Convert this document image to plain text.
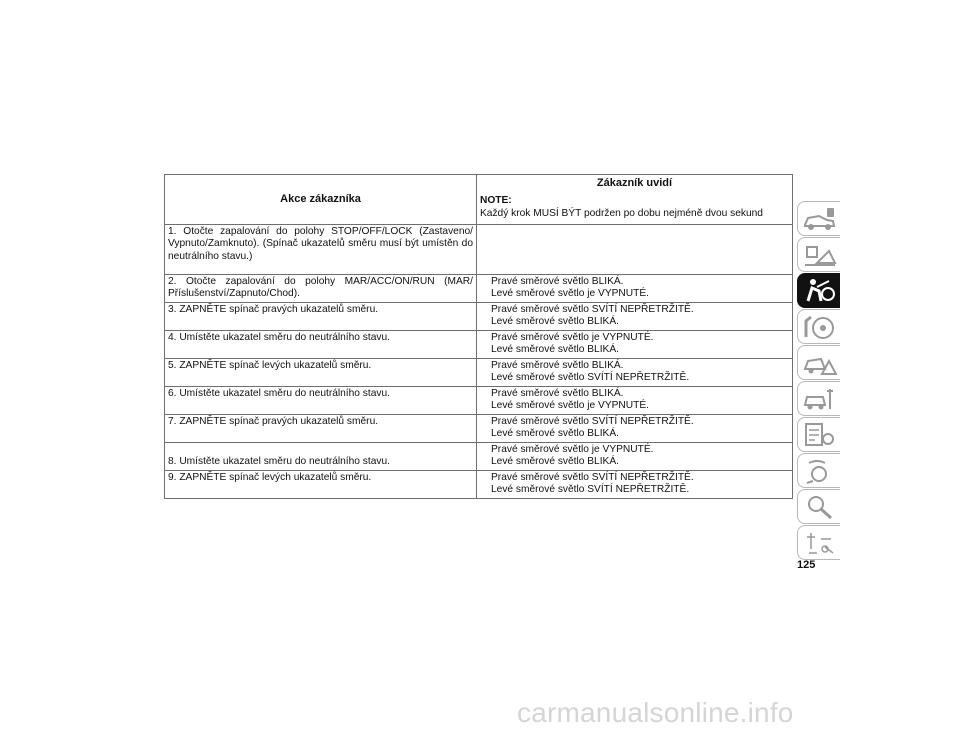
Akce zákazníka	Zákazník uvidí
NOTE:
Každý krok MUSÍ BÝT podržen po dobu nejméně dvou sekund

1. Otočte zapalování do polohy STOP/OFF/LOCK (Zastaveno/ Vypnuto/Zamknuto). (Spínač ukazatelů směru musí být umístěn do neutrálního stavu.)	
2. Otočte zapalování do polohy MAR/ACC/ON/RUN (MAR/ Příslušenství/Zapnuto/Chod).	Pravé směrové světlo BLIKÁ.
Levé směrové světlo je VYPNUTÉ.
3. ZAPNĚTE spínač pravých ukazatelů směru.	Pravé směrové světlo SVÍTÍ NEPŘETRŽITĚ.
Levé směrové světlo BLIKÁ.
4. Umístěte ukazatel směru do neutrálního stavu.	Pravé směrové světlo je VYPNUTÉ.
Levé směrové světlo BLIKÁ.
5. ZAPNĚTE spínač levých ukazatelů směru.	Pravé směrové světlo BLIKÁ.
Levé směrové světlo SVÍTÍ NEPŘETRŽITĚ.
6. Umístěte ukazatel směru do neutrálního stavu.	Pravé směrové světlo BLIKÁ.
Levé směrové světlo je VYPNUTÉ.
7. ZAPNĚTE spínač pravých ukazatelů směru.	Pravé směrové světlo SVÍTÍ NEPŘETRŽITĚ.
Levé směrové světlo BLIKÁ.
8. Umístěte ukazatel směru do neutrálního stavu.	Pravé směrové světlo je VYPNUTÉ.
Levé směrové světlo BLIKÁ.
9. ZAPNĚTE spínač levých ukazatelů směru.	Pravé směrové světlo SVÍTÍ NEPŘETRŽITĚ.
Levé směrové světlo SVÍTÍ NEPŘETRŽITĚ.
125
carmanualsonline.info
